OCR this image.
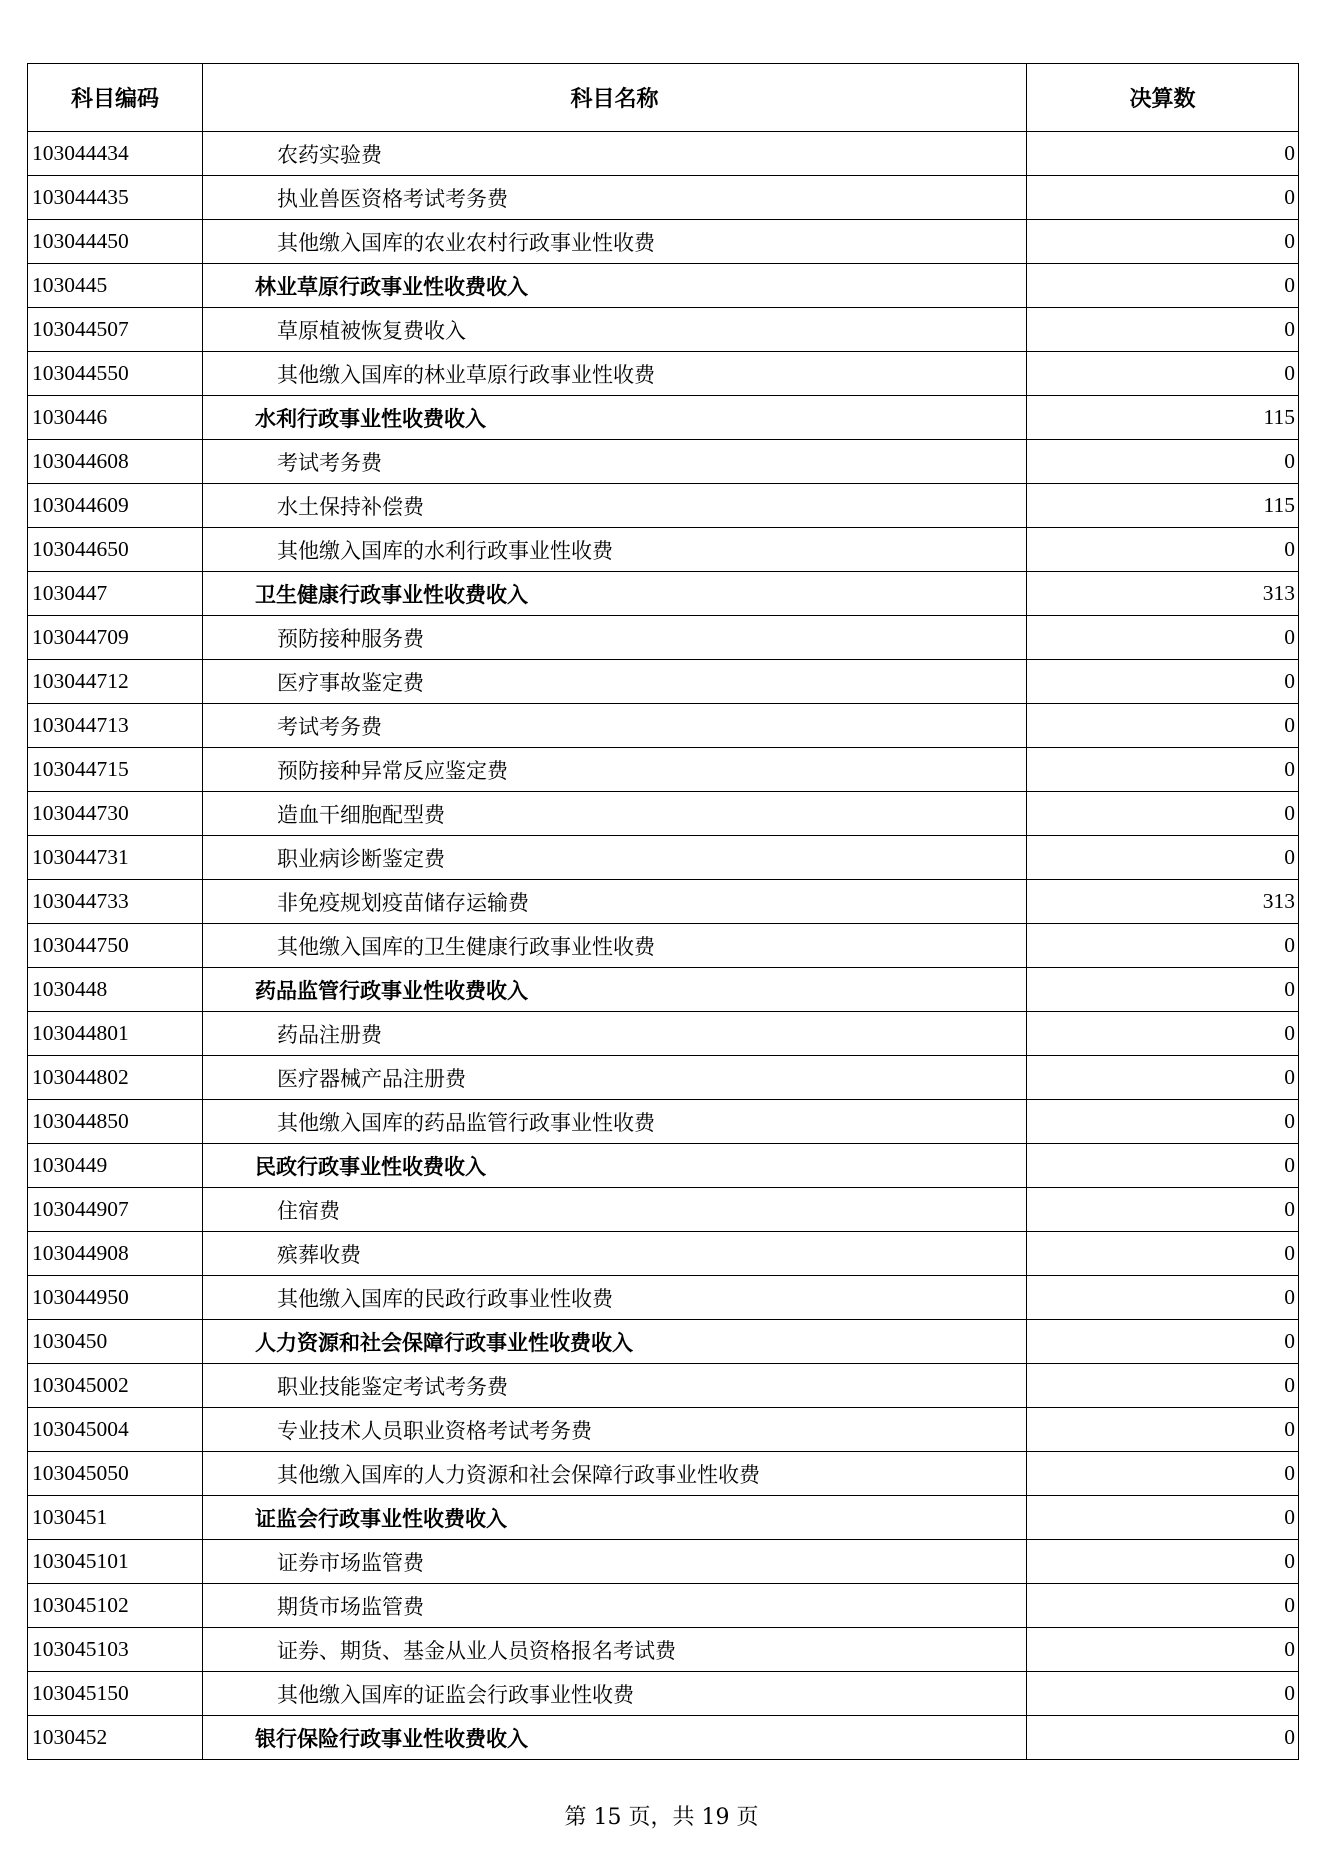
科目编码	科目名称	决算数
103044434	农药实验费	0
103044435	执业兽医资格考试考务费	0
103044450	其他缴入国库的农业农村行政事业性收费	0
1030445	林业草原行政事业性收费收入	0
103044507	草原植被恢复费收入	0
103044550	其他缴入国库的林业草原行政事业性收费	0
1030446	水利行政事业性收费收入	115
103044608	考试考务费	0
103044609	水土保持补偿费	115
103044650	其他缴入国库的水利行政事业性收费	0
1030447	卫生健康行政事业性收费收入	313
103044709	预防接种服务费	0
103044712	医疗事故鉴定费	0
103044713	考试考务费	0
103044715	预防接种异常反应鉴定费	0
103044730	造血干细胞配型费	0
103044731	职业病诊断鉴定费	0
103044733	非免疫规划疫苗储存运输费	313
103044750	其他缴入国库的卫生健康行政事业性收费	0
1030448	药品监管行政事业性收费收入	0
103044801	药品注册费	0
103044802	医疗器械产品注册费	0
103044850	其他缴入国库的药品监管行政事业性收费	0
1030449	民政行政事业性收费收入	0
103044907	住宿费	0
103044908	殡葬收费	0
103044950	其他缴入国库的民政行政事业性收费	0
1030450	人力资源和社会保障行政事业性收费收入	0
103045002	职业技能鉴定考试考务费	0
103045004	专业技术人员职业资格考试考务费	0
103045050	其他缴入国库的人力资源和社会保障行政事业性收费	0
1030451	证监会行政事业性收费收入	0
103045101	证券市场监管费	0
103045102	期货市场监管费	0
103045103	证券、期货、基金从业人员资格报名考试费	0
103045150	其他缴入国库的证监会行政事业性收费	0
1030452	银行保险行政事业性收费收入	0
第 15 页，共 19 页
